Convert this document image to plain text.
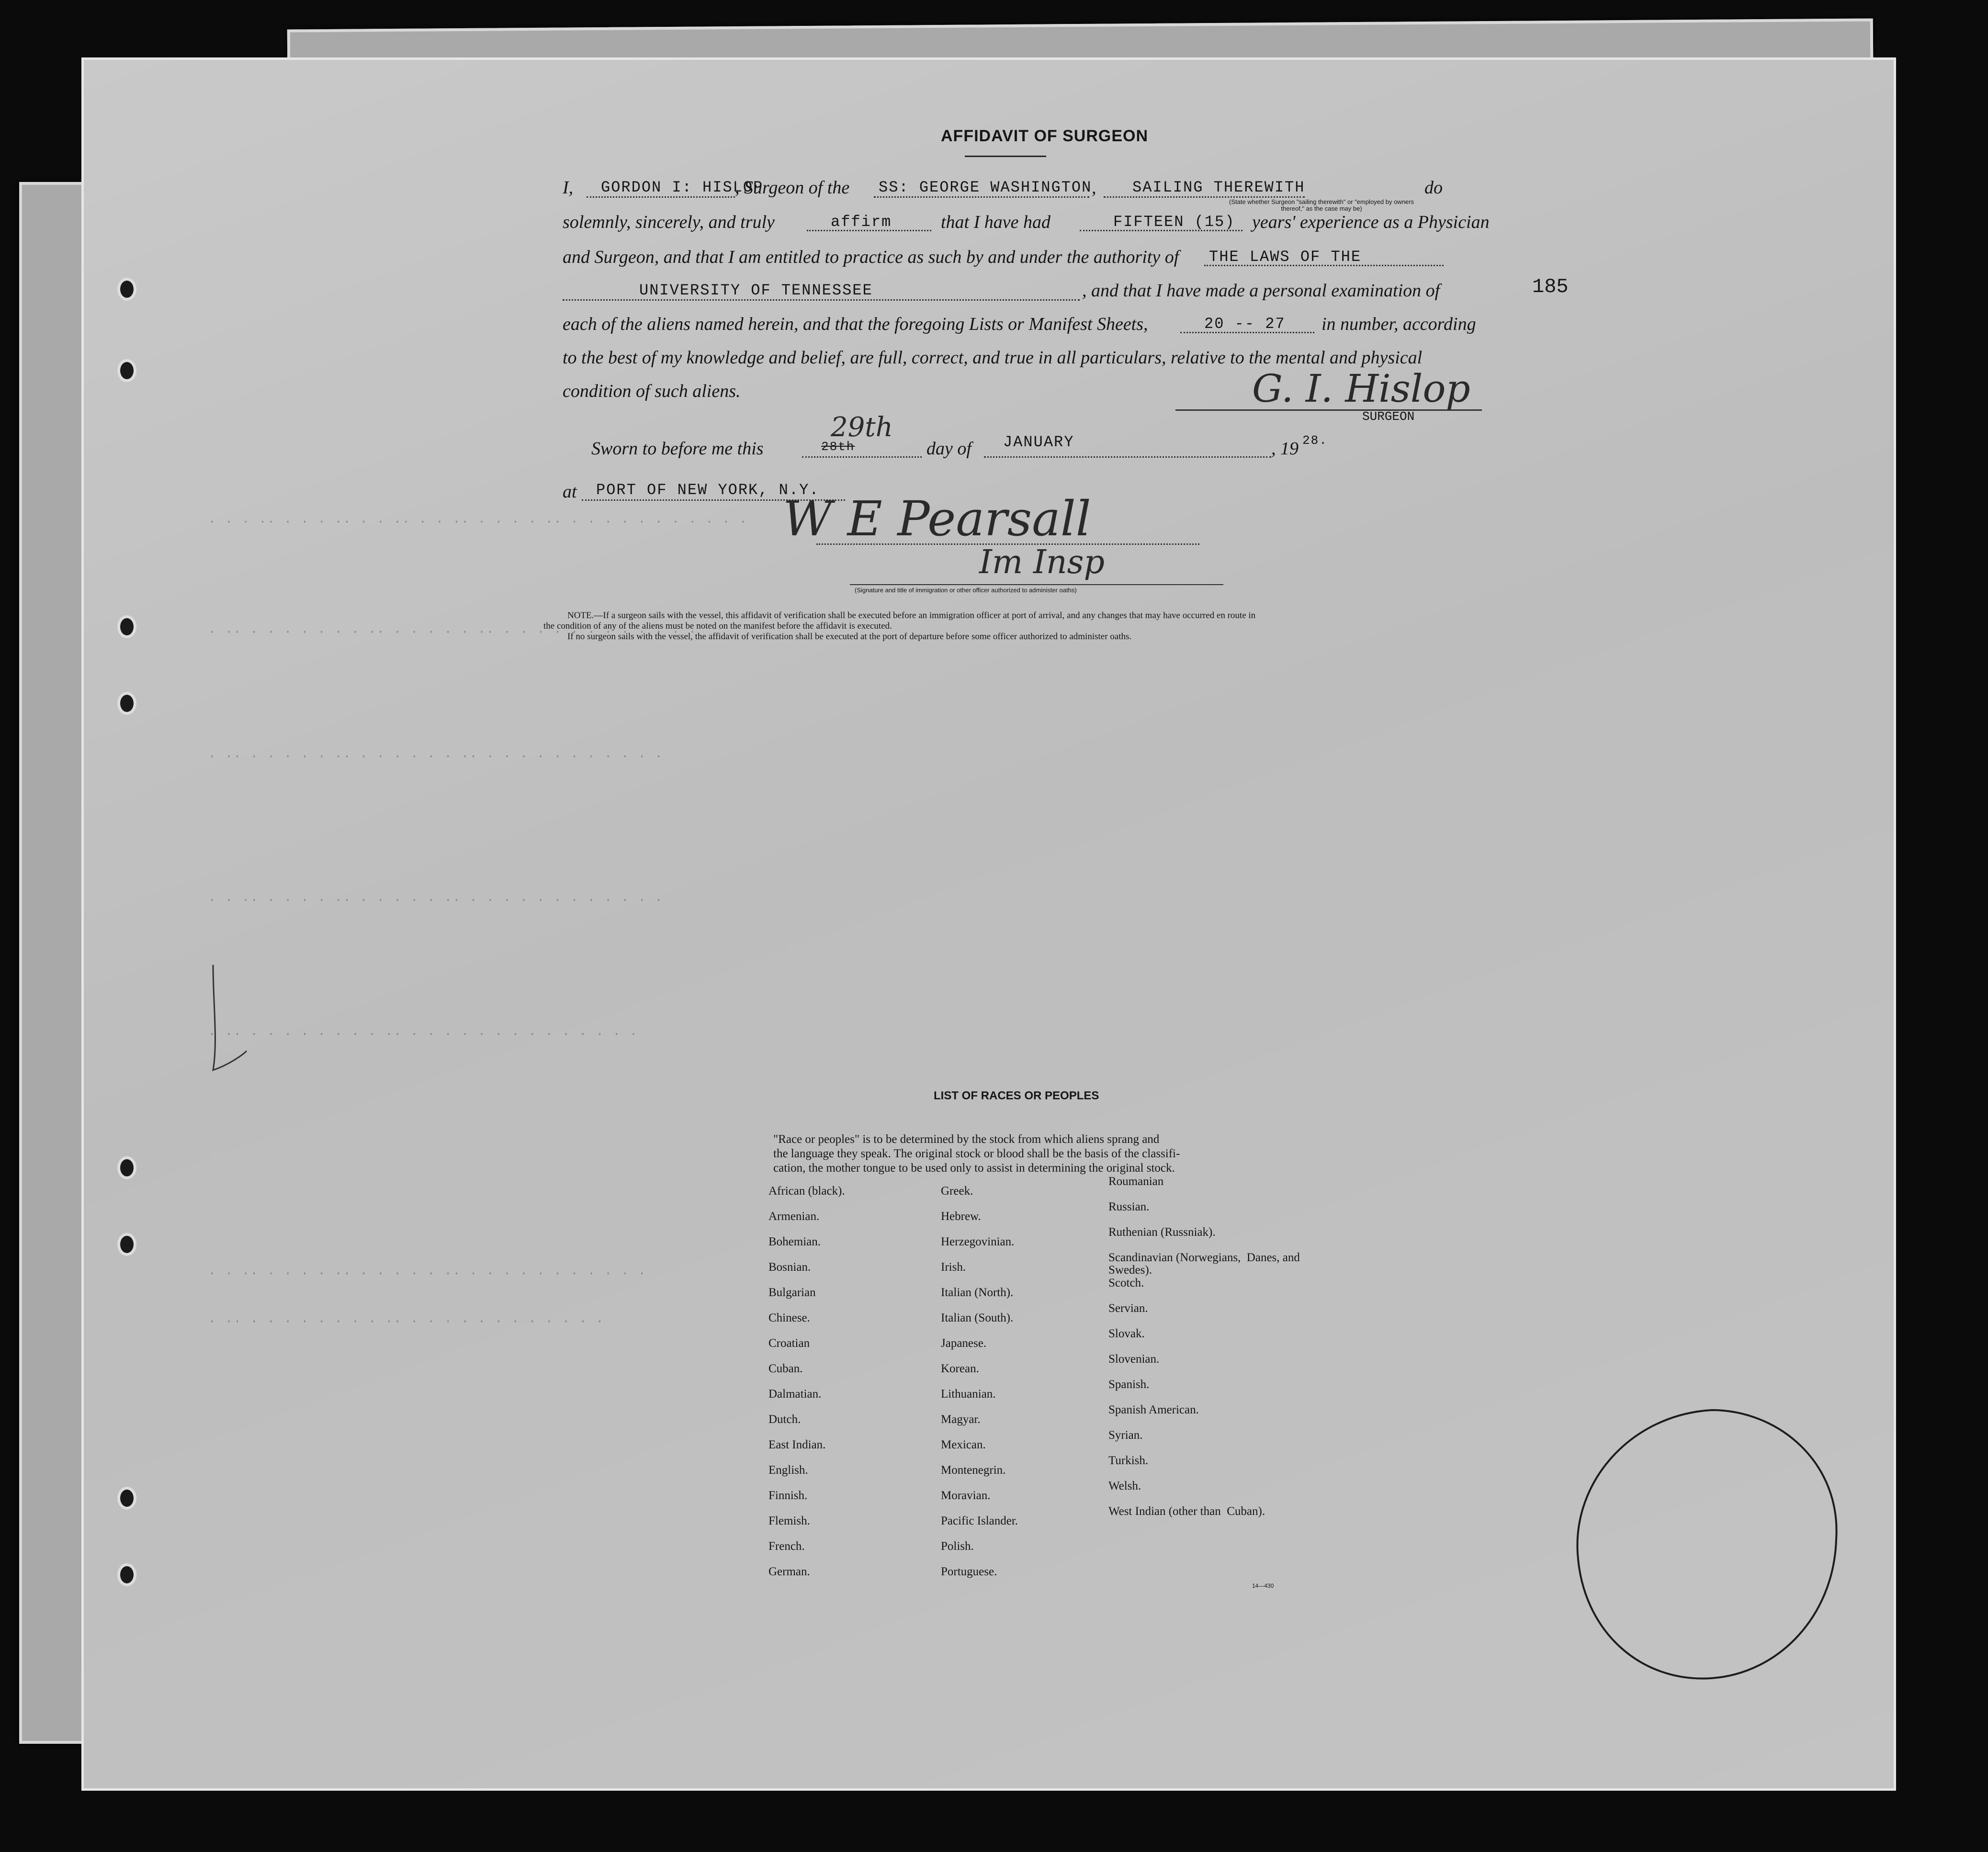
· · · ·· · · · ·· · · ·· · · ·· · · · · ·· · · · · · · · · · · ·
· ·· · · · · · · · ·· · · · · · ·· · · · · · · · · · · · ·
· ·· · · · · · ·· · · · · · · ·· · · · · · · · · · · ·
· · ·· · · · · ·· · · · · · ·· · · · · · · · · · · · ·
· ·· · · · · · · · · ·· · · · · · · · · · · · · · ·
· · ·· · · · · ·· · · · · · ·· · · · · · · · · · · ·
· ·· · · · · · · · · ·· · · · · · · · · · · · ·
AFFIDAVIT OF SURGEON
185
I, GORDON I: HISLOP
, Surgeon of the SS: GEORGE WASHINGTON , SAILING THEREWITH
(State whether Surgeon "sailing therewith" or "employed by owners thereof," as the case may be)
do
solemnly, sincerely, and truly	affirm	that I have had	FIFTEEN (15) years' experience as a Physician
and Surgeon, and that I am entitled to practice as such by and under the authority of THE LAWS OF THE
UNIVERSITY OF TENNESSEE	, and that I have made a personal examination of
each of the aliens named herein, and that the foregoing Lists or Manifest Sheets,	20 -- 27 in number, according
to the best of my knowledge and belief, are full, correct, and true in all particulars, relative to the mental and physical
condition of such aliens.	G. I. Hislop
SURGEON
Sworn to before me this	28th
29th
day of JANUARY	, 19 28.
at PORT OF NEW YORK, N.Y.
W E Pearsall
Im Insp
(Signature and title of immigration or other officer authorized to administer oaths)
NOTE.—If a surgeon sails with the vessel, this affidavit of verification shall be executed before an immigration officer at port of arrival, and any changes that may have occurred en route in
the condition of any of the aliens must be noted on the manifest before the affidavit is executed.
If no surgeon sails with the vessel, the affidavit of verification shall be executed at the port of departure before some officer authorized to administer oaths.
LIST OF RACES OR PEOPLES
"Race or peoples" is to be determined by the stock from which aliens sprang and
the language they speak. The original stock or blood shall be the basis of the classifi-
cation, the mother tongue to be used only to assist in determining the original stock.
African (black).
Armenian.
Bohemian.
Bosnian.
Bulgarian
Chinese.
Croatian
Cuban.
Dalmatian.
Dutch.
East Indian.
English.
Finnish.
Flemish.
French.
German.
Greek.
Hebrew.
Herzegovinian.
Irish.
Italian (North).
Italian (South).
Japanese.
Korean.
Lithuanian.
Magyar.
Mexican.
Montenegrin.
Moravian.
Pacific Islander.
Polish.
Portuguese.
Roumanian
Russian.
Ruthenian (Russniak).
Scandinavian (Norwegians,  Danes, and Swedes).
Scotch.
Servian.
Slovak.
Slovenian.
Spanish.
Spanish American.
Syrian.
Turkish.
Welsh.
West Indian (other than  Cuban).
14—430
